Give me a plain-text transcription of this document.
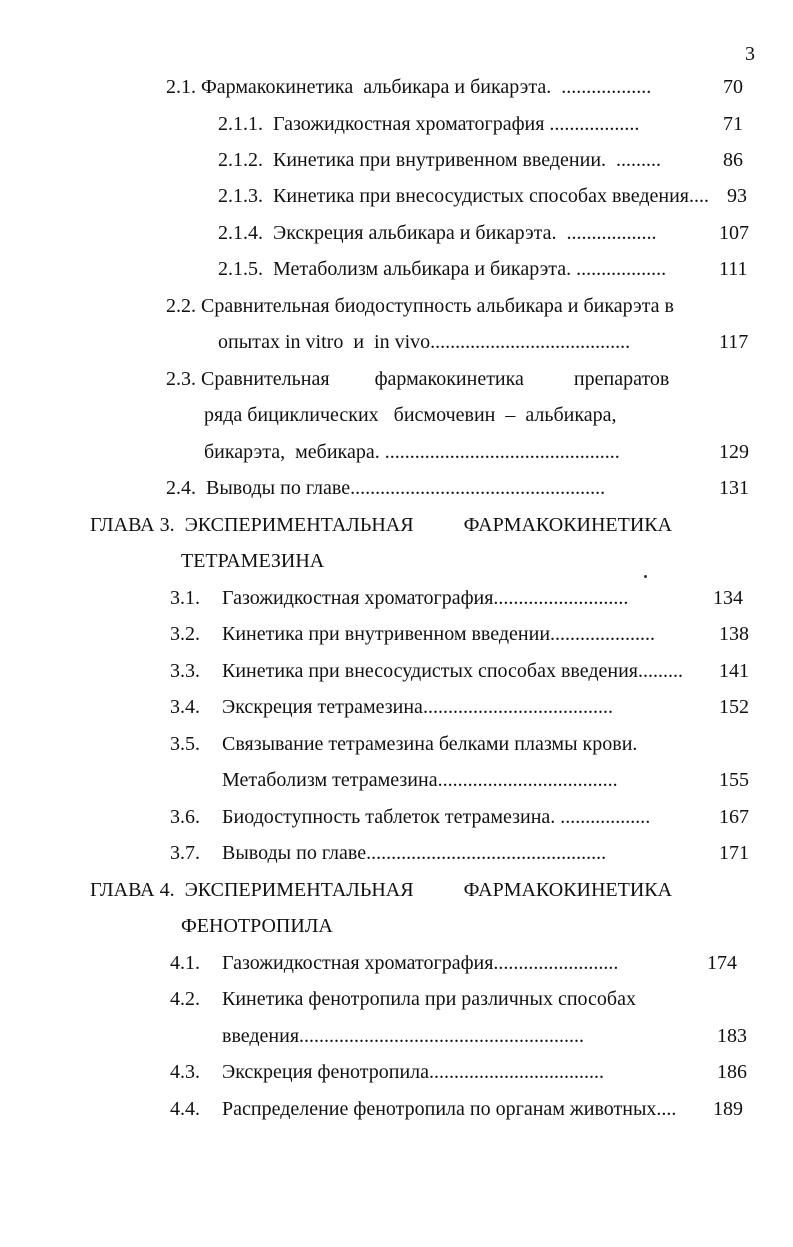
3
2.1. Фармакокинетика  альбикара и бикарэта.  ..................	70
2.1.1.  Газожидкостная хроматография ..................	71
2.1.2.  Кинетика при внутривенном введении.  .........	86
2.1.3.  Кинетика при внесосудистых способах введения.... 93
2.1.4.  Экскреция альбикара и бикарэта.  ..................	107
2.1.5.  Метаболизм альбикара и бикарэта. ..................	111
2.2. Сравнительная биодоступность альбикара и бикарэта в
опытах in vitro  и  in vivo........................................	117
2.3. Сравнительная         фармакокинетика          препаратов
ряда бициклических   бисмочевин  –  альбикара,
бикарэта,  мебикара. ...............................................	129
2.4.  Выводы по главе...................................................	131
ГЛАВА 3.  ЭКСПЕРИМЕНТАЛЬНАЯ          ФАРМАКОКИНЕТИКА
ТЕТРАМЕЗИНА
3.1. Газожидкостная хроматография...........................	134
3.2. Кинетика при внутривенном введении.....................	138
3.3. Кинетика при внесосудистых способах введения......... 141
3.4. Экскреция тетрамезина......................................	152
3.5. Связывание тетрамезина белками плазмы крови.
Метаболизм тетрамезина....................................	155
3.6. Биодоступность таблеток тетрамезина. ..................	167
3.7. Выводы по главе................................................	171
ГЛАВА 4.  ЭКСПЕРИМЕНТАЛЬНАЯ          ФАРМАКОКИНЕТИКА
ФЕНОТРОПИЛА
4.1. Газожидкостная хроматография.........................	174
4.2. Кинетика фенотропила при различных способах
введения.........................................................	183
4.3. Экскреция фенотропила...................................	186
4.4. Распределение фенотропила по органам животных.... 189
